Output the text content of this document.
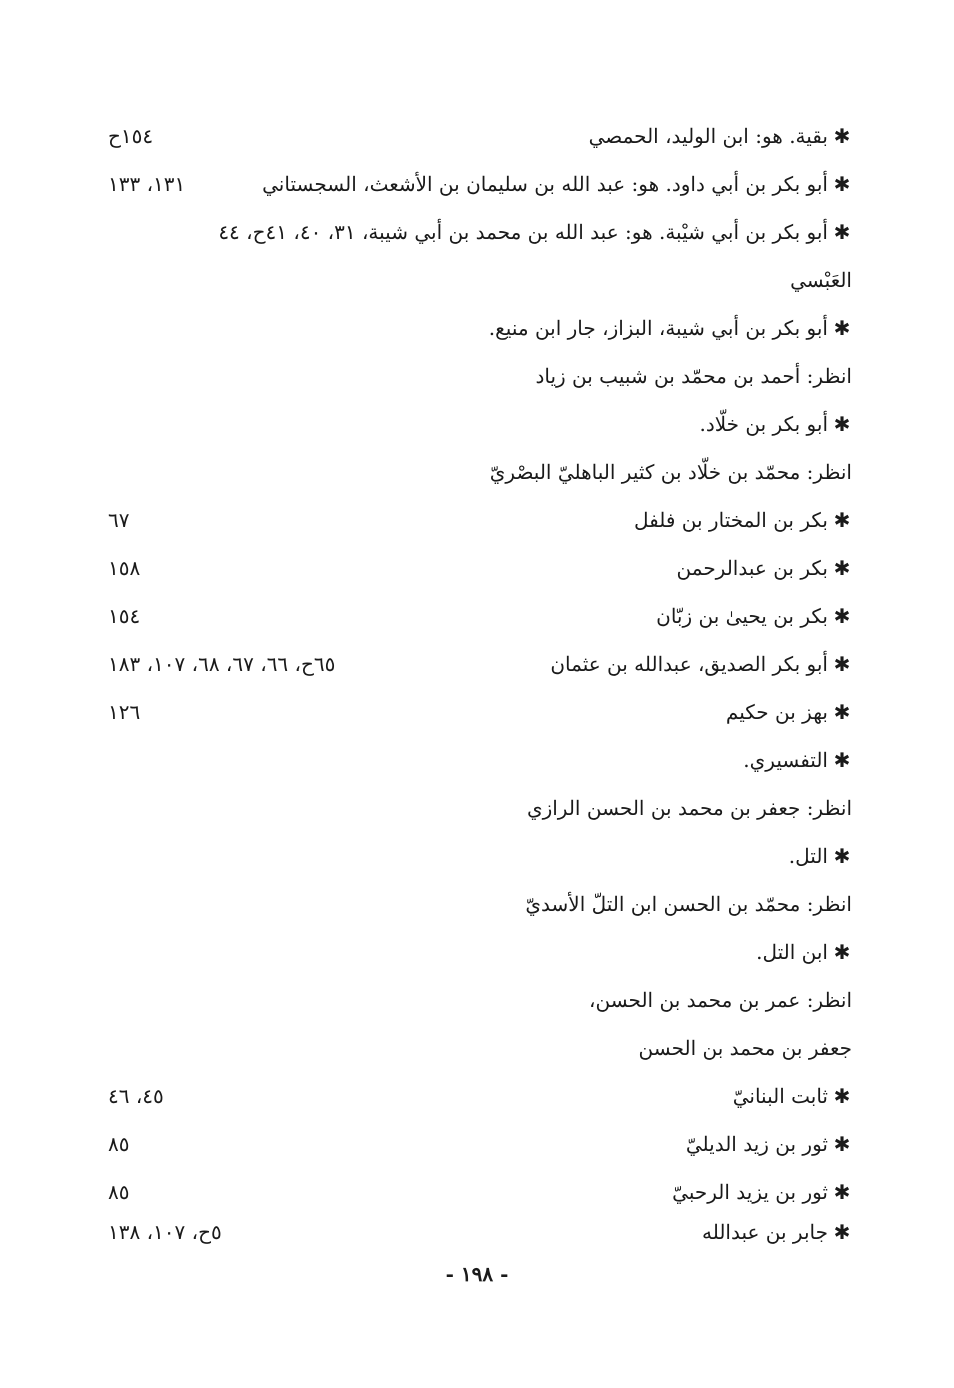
✱بقية. هو: ابن الوليد، الحمصي
١٥٤ح
✱أبو بكر بن أبي داود. هو: عبد الله بن سليمان بن الأشعث، السجستاني
١٣١، ١٣٣
✱أبو بكر بن أبي شيْبة. هو: عبد الله بن محمد بن أبي شيبة، ٣١، ٤٠، ٤١ح، ٤٤
العَبْسي
✱أبو بكر بن أبي شيبة، البزاز، جار ابن منيع.
انظر: أحمد بن محمّد بن شبيب بن زياد
✱أبو بكر بن خلّاد.
انظر: محمّد بن خلّاد بن كثير الباهليّ البصْريّ
✱بكر بن المختار بن فلفل
٦٧
✱بكر بن عبدالرحمن
١٥٨
✱بكر بن يحيىٰ بن زبّان
١٥٤
✱أبو بكر الصديق، عبدالله بن عثمان
٦٥ح، ٦٦، ٦٧، ٦٨، ١٠٧، ١٨٣
✱بهز بن حكيم
١٢٦
✱التفسيري.
انظر: جعفر بن محمد بن الحسن الرازي
✱التل.
انظر: محمّد بن الحسن ابن التلّ الأسديّ
✱ابن التل.
انظر: عمر بن محمد بن الحسن،
جعفر بن محمد بن الحسن
✱ثابت البنانيّ
٤٥، ٤٦
✱ثور بن زيد الديليّ
٨٥
✱ثور بن يزيد الرحبيّ
٨٥
✱جابر بن عبدالله
٥ح، ١٠٧، ١٣٨
- ١٩٨ -
